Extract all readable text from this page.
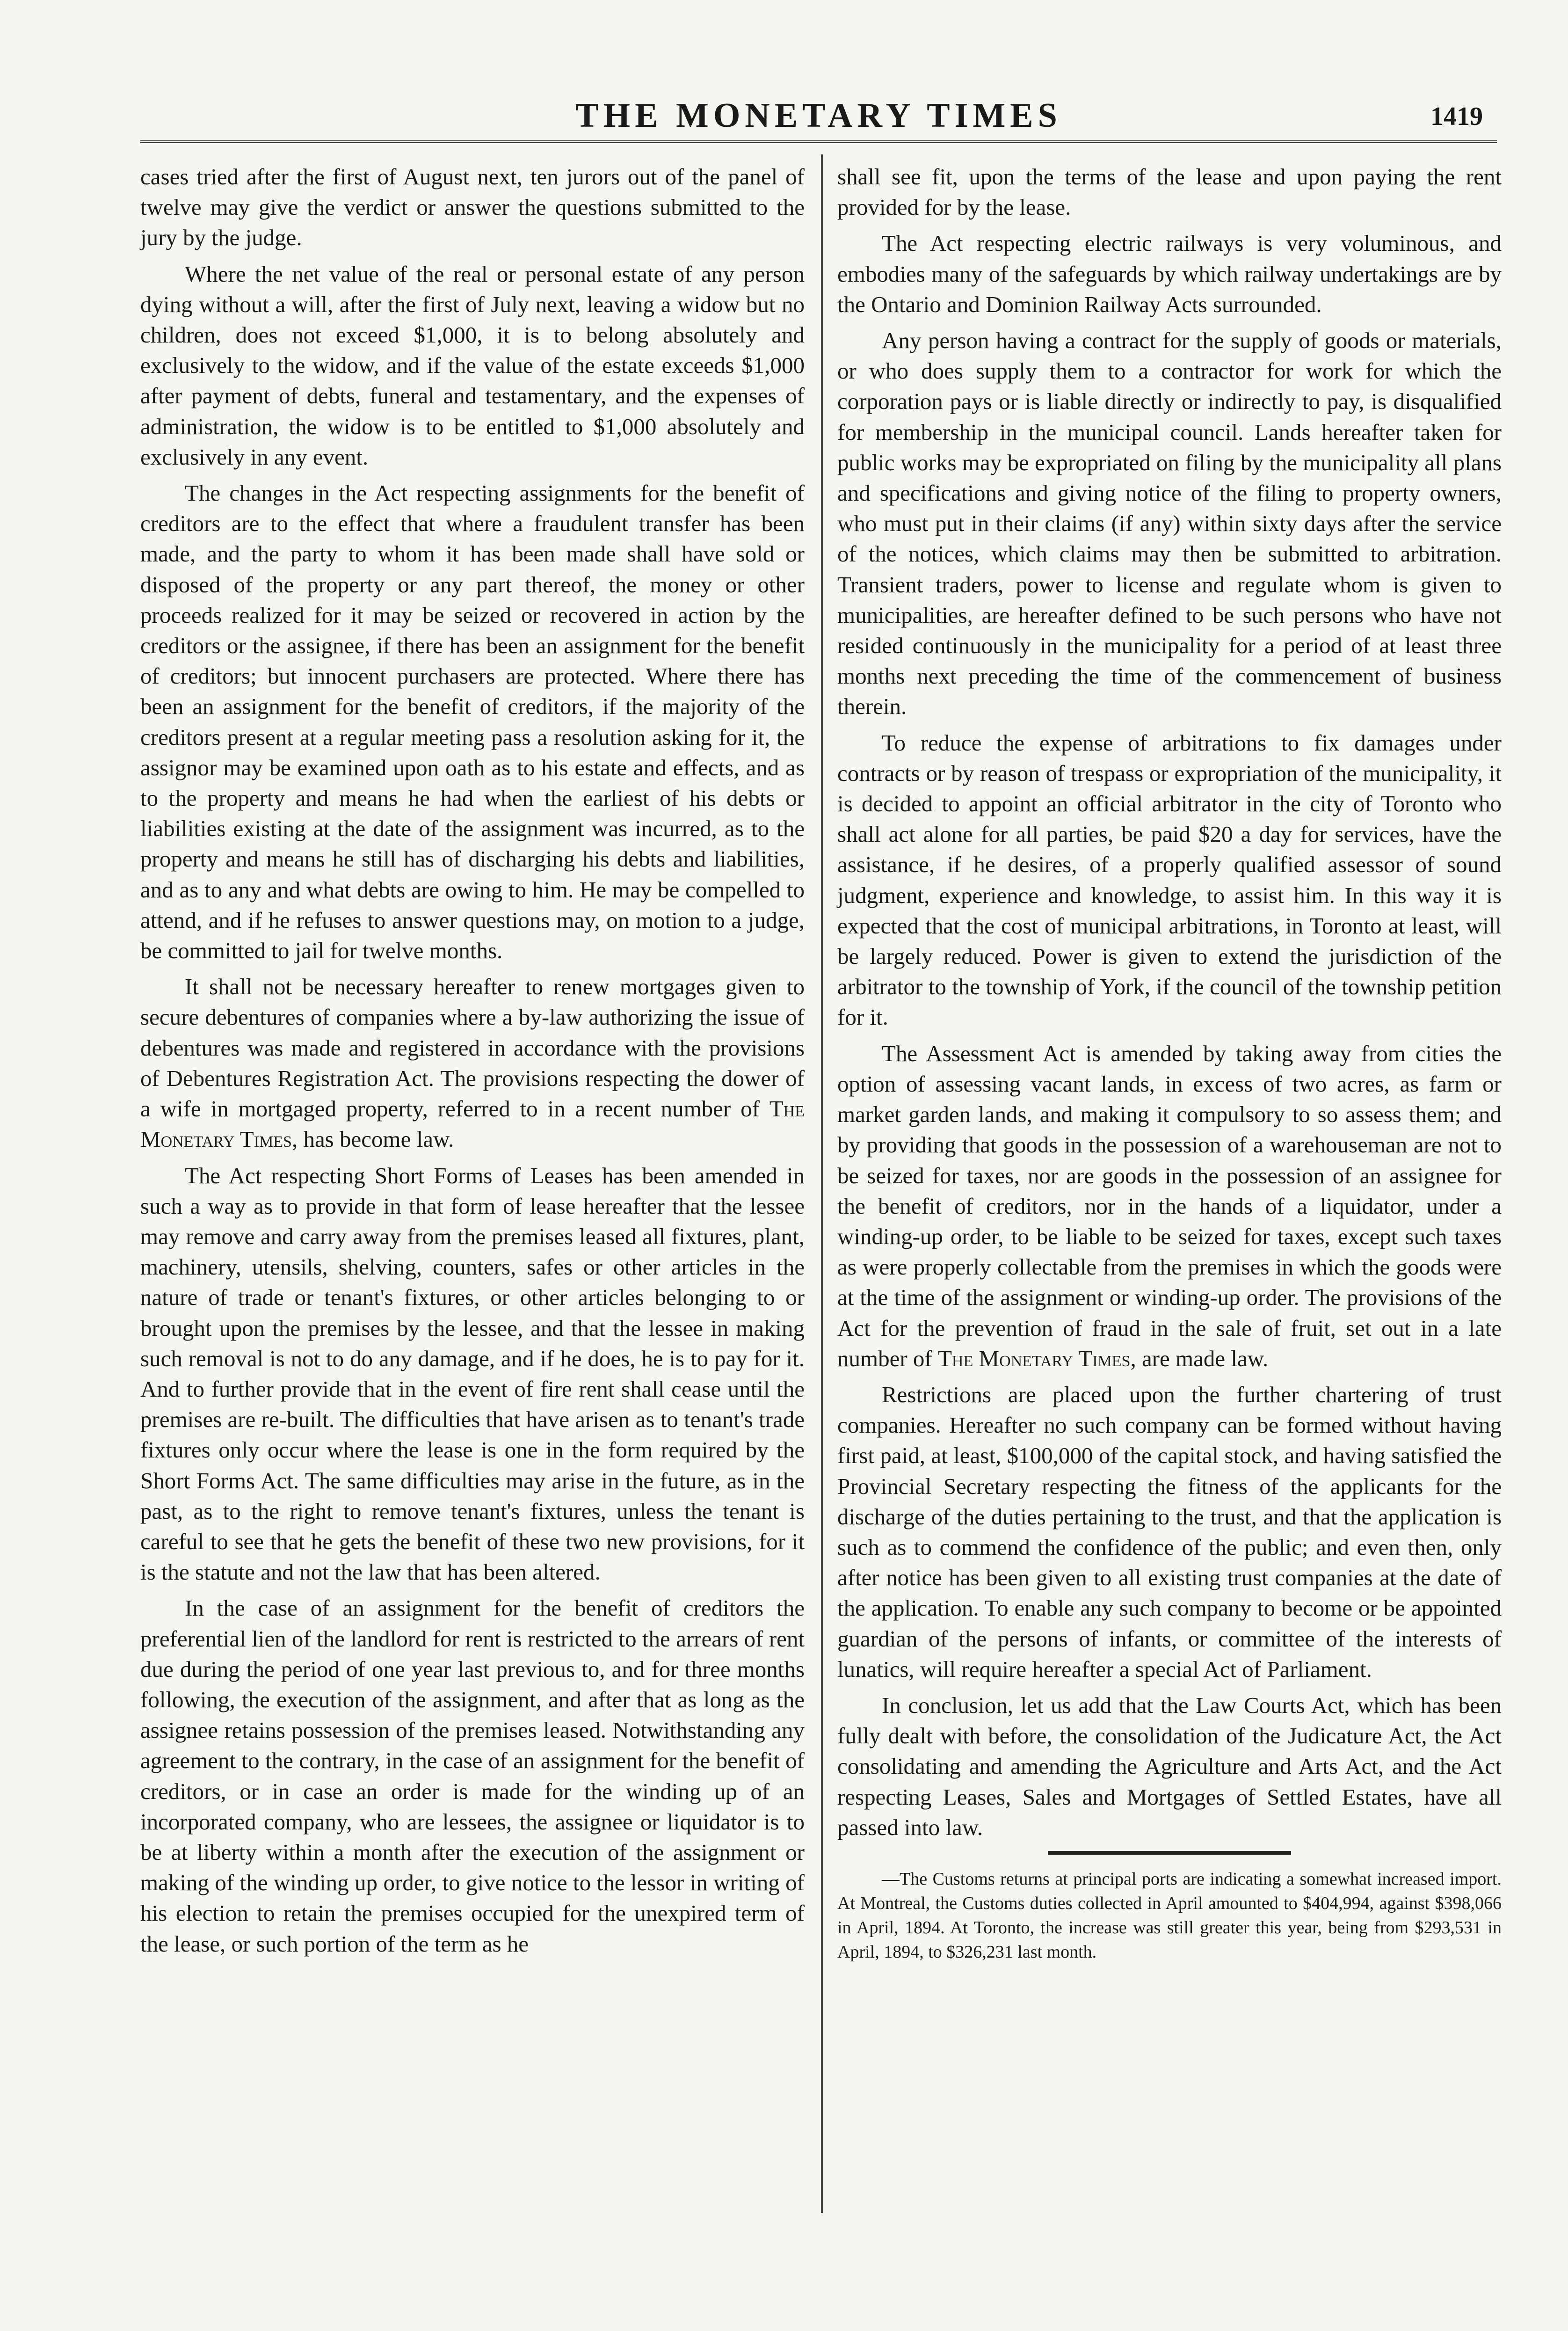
THE MONETARY TIMES	1419

cases tried after the first of August next, ten jurors out of the panel of twelve may give the verdict or answer the questions submitted to the jury by the judge.

Where the net value of the real or personal estate of any person dying without a will, after the first of July next, leaving a widow but no children, does not exceed $1,000, it is to belong absolutely and exclusively to the widow, and if the value of the estate exceeds $1,000 after payment of debts, funeral and testamentary, and the expenses of administration, the widow is to be entitled to $1,000 absolutely and exclusively in any event.

The changes in the Act respecting assignments for the benefit of creditors are to the effect that where a fraudulent transfer has been made, and the party to whom it has been made shall have sold or disposed of the property or any part thereof, the money or other proceeds realized for it may be seized or recovered in action by the creditors or the assignee, if there has been an assignment for the benefit of creditors; but innocent purchasers are protected. Where there has been an assignment for the benefit of creditors, if the majority of the creditors present at a regular meeting pass a resolution asking for it, the assignor may be examined upon oath as to his estate and effects, and as to the property and means he had when the earliest of his debts or liabilities existing at the date of the assignment was incurred, as to the property and means he still has of discharging his debts and liabilities, and as to any and what debts are owing to him. He may be compelled to attend, and if he refuses to answer questions may, on motion to a judge, be committed to jail for twelve months.

It shall not be necessary hereafter to renew mortgages given to secure debentures of companies where a by-law authorizing the issue of debentures was made and registered in accordance with the provisions of Debentures Registration Act. The provisions respecting the dower of a wife in mortgaged property, referred to in a recent number of The Monetary Times, has become law.

The Act respecting Short Forms of Leases has been amended in such a way as to provide in that form of lease hereafter that the lessee may remove and carry away from the premises leased all fixtures, plant, machinery, utensils, shelving, counters, safes or other articles in the nature of trade or tenant's fixtures, or other articles belonging to or brought upon the premises by the lessee, and that the lessee in making such removal is not to do any damage, and if he does, he is to pay for it. And to further provide that in the event of fire rent shall cease until the premises are re-built. The difficulties that have arisen as to tenant's trade fixtures only occur where the lease is one in the form required by the Short Forms Act. The same difficulties may arise in the future, as in the past, as to the right to remove tenant's fixtures, unless the tenant is careful to see that he gets the benefit of these two new provisions, for it is the statute and not the law that has been altered.

In the case of an assignment for the benefit of creditors the preferential lien of the landlord for rent is restricted to the arrears of rent due during the period of one year last previous to, and for three months following, the execution of the assignment, and after that as long as the assignee retains possession of the premises leased. Notwithstanding any agreement to the contrary, in the case of an assignment for the benefit of creditors, or in case an order is made for the winding up of an incorporated company, who are lessees, the assignee or liquidator is to be at liberty within a month after the execution of the assignment or making of the winding up order, to give notice to the lessor in writing of his election to retain the premises occupied for the unexpired term of the lease, or such portion of the term as he

shall see fit, upon the terms of the lease and upon paying the rent provided for by the lease.

The Act respecting electric railways is very voluminous, and embodies many of the safeguards by which railway undertakings are by the Ontario and Dominion Railway Acts surrounded.

Any person having a contract for the supply of goods or materials, or who does supply them to a contractor for work for which the corporation pays or is liable directly or indirectly to pay, is disqualified for membership in the municipal council. Lands hereafter taken for public works may be expropriated on filing by the municipality all plans and specifications and giving notice of the filing to property owners, who must put in their claims (if any) within sixty days after the service of the notices, which claims may then be submitted to arbitration. Transient traders, power to license and regulate whom is given to municipalities, are hereafter defined to be such persons who have not resided continuously in the municipality for a period of at least three months next preceding the time of the commencement of business therein.

To reduce the expense of arbitrations to fix damages under contracts or by reason of trespass or expropriation of the municipality, it is decided to appoint an official arbitrator in the city of Toronto who shall act alone for all parties, be paid $20 a day for services, have the assistance, if he desires, of a properly qualified assessor of sound judgment, experience and knowledge, to assist him. In this way it is expected that the cost of municipal arbitrations, in Toronto at least, will be largely reduced. Power is given to extend the jurisdiction of the arbitrator to the township of York, if the council of the township petition for it.

The Assessment Act is amended by taking away from cities the option of assessing vacant lands, in excess of two acres, as farm or market garden lands, and making it compulsory to so assess them; and by providing that goods in the possession of a warehouseman are not to be seized for taxes, nor are goods in the possession of an assignee for the benefit of creditors, nor in the hands of a liquidator, under a winding-up order, to be liable to be seized for taxes, except such taxes as were properly collectable from the premises in which the goods were at the time of the assignment or winding-up order. The provisions of the Act for the prevention of fraud in the sale of fruit, set out in a late number of The Monetary Times, are made law.

Restrictions are placed upon the further chartering of trust companies. Hereafter no such company can be formed without having first paid, at least, $100,000 of the capital stock, and having satisfied the Provincial Secretary respecting the fitness of the applicants for the discharge of the duties pertaining to the trust, and that the application is such as to commend the confidence of the public; and even then, only after notice has been given to all existing trust companies at the date of the application. To enable any such company to become or be appointed guardian of the persons of infants, or committee of the interests of lunatics, will require hereafter a special Act of Parliament.

In conclusion, let us add that the Law Courts Act, which has been fully dealt with before, the consolidation of the Judicature Act, the Act consolidating and amending the Agriculture and Arts Act, and the Act respecting Leases, Sales and Mortgages of Settled Estates, have all passed into law.

—The Customs returns at principal ports are indicating a somewhat increased import. At Montreal, the Customs duties collected in April amounted to $404,994, against $398,066 in April, 1894. At Toronto, the increase was still greater this year, being from $293,531 in April, 1894, to $326,231 last month.
